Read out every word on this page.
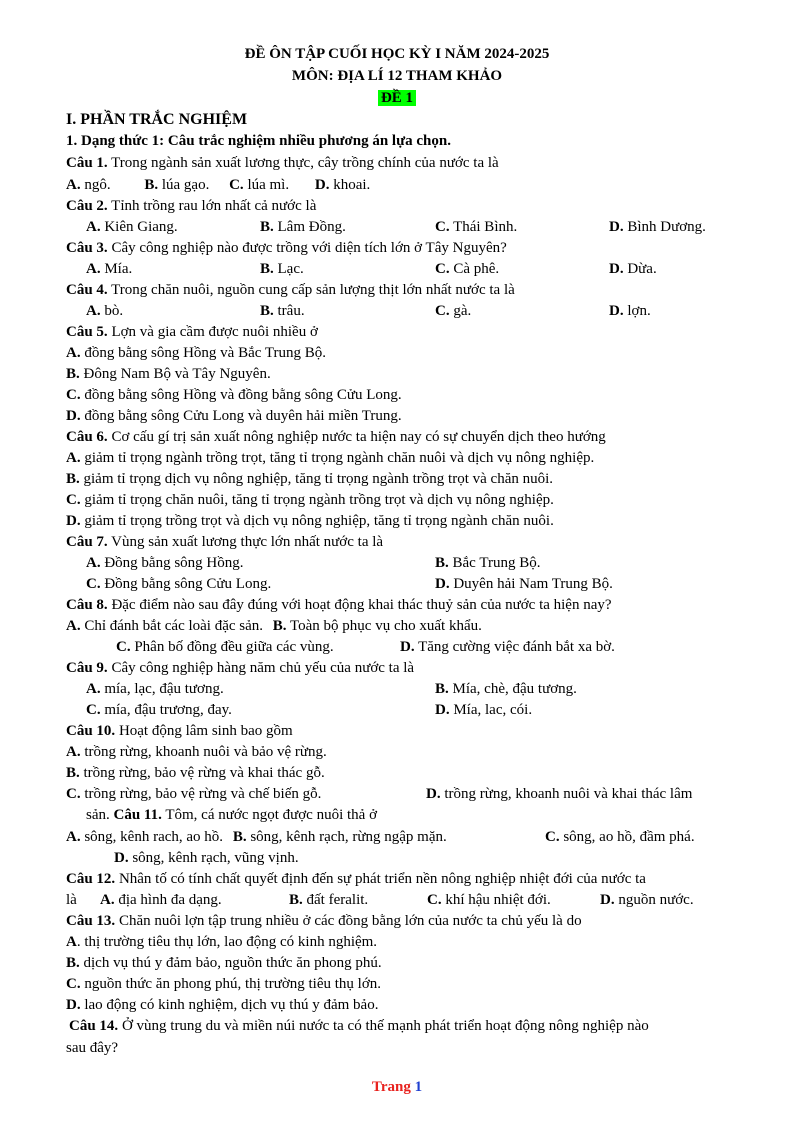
ĐỀ ÔN TẬP CUỐI HỌC KỲ I NĂM 2024-2025
MÔN: ĐỊA LÍ 12 THAM KHẢO
ĐỀ 1
I. PHẦN TRẮC NGHIỆM
1. Dạng thức 1: Câu trắc nghiệm nhiều phương án lựa chọn.
Câu 1. Trong ngành sản xuất lương thực, cây trồng chính của nước ta là
A. ngô. B. lúa gạo. C. lúa mì. D. khoai.
Câu 2. Tỉnh trồng rau lớn nhất cả nước là
A. Kiên Giang.	B. Lâm Đồng.	C. Thái Bình.	D. Bình Dương.
Câu 3. Cây công nghiệp nào được trồng với diện tích lớn ở Tây Nguyên?
A. Mía.	B. Lạc.	C. Cà phê.	D. Dừa.
Câu 4. Trong chăn nuôi, nguồn cung cấp sản lượng thịt lớn nhất nước ta là
A. bò.	B. trâu.	C. gà.	D. lợn.
Câu 5. Lợn và gia cầm được nuôi nhiều ở
A. đồng bằng sông Hồng và Bắc Trung Bộ.
B. Đông Nam Bộ và Tây Nguyên.
C. đồng bằng sông Hồng và đồng bằng sông Cửu Long.
D. đồng bằng sông Cửu Long và duyên hải miền Trung.
Câu 6. Cơ cấu gí trị sản xuất nông nghiệp nước ta hiện nay có sự chuyển dịch theo hướng
A. giảm tỉ trọng ngành trồng trọt, tăng tỉ trọng ngành chăn nuôi và dịch vụ nông nghiệp.
B. giảm tỉ trọng dịch vụ nông nghiệp, tăng tỉ trọng ngành trồng trọt và chăn nuôi.
C. giảm tỉ trọng chăn nuôi, tăng tỉ trọng ngành trồng trọt và dịch vụ nông nghiệp.
D. giảm tỉ trọng trồng trọt và dịch vụ nông nghiệp, tăng tỉ trọng ngành chăn nuôi.
Câu 7. Vùng sản xuất lương thực lớn nhất nước ta là
A. Đồng bằng sông Hồng.	B. Bắc Trung Bộ.
C. Đồng bằng sông Cửu Long.	D. Duyên hải Nam Trung Bộ.
Câu 8. Đặc điểm nào sau đây đúng với hoạt động khai thác thuỷ sản của nước ta hiện nay?
A. Chỉ đánh bắt các loài đặc sản. B. Toàn bộ phục vụ cho xuất khẩu.
C. Phân bố đồng đều giữa các vùng.	D. Tăng cường việc đánh bắt xa bờ.
Câu 9. Cây công nghiệp hàng năm chủ yếu của nước ta là
A. mía, lạc, đậu tương.	B. Mía, chè, đậu tương.
C. mía, đậu trương, đay.	D. Mía, lac, cói.
Câu 10. Hoạt động lâm sinh bao gồm
A. trồng rừng, khoanh nuôi và bảo vệ rừng.
B. trồng rừng, bảo vệ rừng và khai thác gỗ.
C. trồng rừng, bảo vệ rừng và chế biến gỗ.	D. trồng rừng, khoanh nuôi và khai thác lâm
sản. Câu 11. Tôm, cá nước ngọt được nuôi thả ở
A. sông, kênh rach, ao hồ. B. sông, kênh rạch, rừng ngập mặn.	C. sông, ao hồ, đầm phá.
D. sông, kênh rạch, vũng vịnh.
Câu 12. Nhân tố có tính chất quyết định đến sự phát triển nền nông nghiệp nhiệt đới của nước ta
là A. địa hình đa dạng.	B. đất feralit.	C. khí hậu nhiệt đới.	D. nguồn nước.
Câu 13. Chăn nuôi lợn tập trung nhiều ở các đồng bằng lớn của nước ta chủ yếu là do
A. thị trường tiêu thụ lớn, lao động có kinh nghiệm.
B. dịch vụ thú y đảm bảo, nguồn thức ăn phong phú.
C. nguồn thức ăn phong phú, thị trường tiêu thụ lớn.
D. lao động có kinh nghiệm, dịch vụ thú y đảm bảo.
Câu 14. Ở vùng trung du và miền núi nước ta có thế mạnh phát triển hoạt động nông nghiệp nào
sau đây?
Trang 1
